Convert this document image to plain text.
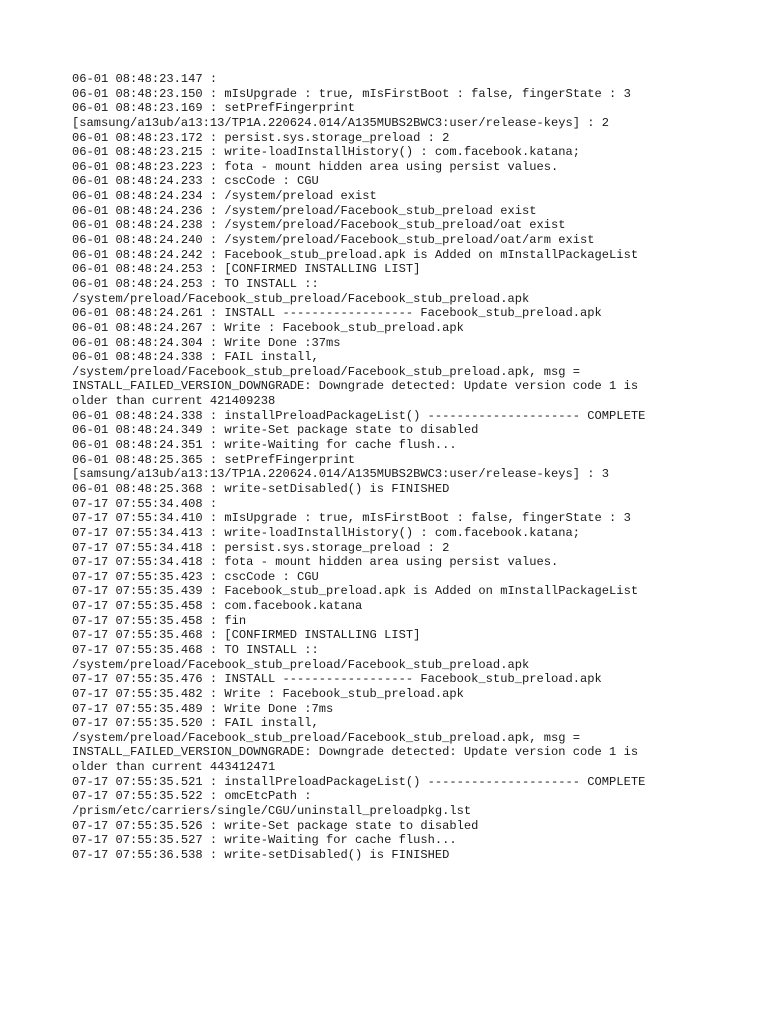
06-01 08:48:23.147 :
06-01 08:48:23.150 : mIsUpgrade : true, mIsFirstBoot : false, fingerState : 3
06-01 08:48:23.169 : setPrefFingerprint
[samsung/a13ub/a13:13/TP1A.220624.014/A135MUBS2BWC3:user/release-keys] : 2
06-01 08:48:23.172 : persist.sys.storage_preload : 2
06-01 08:48:23.215 : write-loadInstallHistory() : com.facebook.katana;
06-01 08:48:23.223 : fota - mount hidden area using persist values.
06-01 08:48:24.233 : cscCode : CGU
06-01 08:48:24.234 : /system/preload exist
06-01 08:48:24.236 : /system/preload/Facebook_stub_preload exist
06-01 08:48:24.238 : /system/preload/Facebook_stub_preload/oat exist
06-01 08:48:24.240 : /system/preload/Facebook_stub_preload/oat/arm exist
06-01 08:48:24.242 : Facebook_stub_preload.apk is Added on mInstallPackageList
06-01 08:48:24.253 : [CONFIRMED INSTALLING LIST]
06-01 08:48:24.253 : TO INSTALL ::
/system/preload/Facebook_stub_preload/Facebook_stub_preload.apk
06-01 08:48:24.261 : INSTALL ------------------ Facebook_stub_preload.apk
06-01 08:48:24.267 : Write : Facebook_stub_preload.apk
06-01 08:48:24.304 : Write Done :37ms
06-01 08:48:24.338 : FAIL install,
/system/preload/Facebook_stub_preload/Facebook_stub_preload.apk, msg =
INSTALL_FAILED_VERSION_DOWNGRADE: Downgrade detected: Update version code 1 is
older than current 421409238
06-01 08:48:24.338 : installPreloadPackageList() --------------------- COMPLETE
06-01 08:48:24.349 : write-Set package state to disabled
06-01 08:48:24.351 : write-Waiting for cache flush...
06-01 08:48:25.365 : setPrefFingerprint
[samsung/a13ub/a13:13/TP1A.220624.014/A135MUBS2BWC3:user/release-keys] : 3
06-01 08:48:25.368 : write-setDisabled() is FINISHED
07-17 07:55:34.408 :
07-17 07:55:34.410 : mIsUpgrade : true, mIsFirstBoot : false, fingerState : 3
07-17 07:55:34.413 : write-loadInstallHistory() : com.facebook.katana;
07-17 07:55:34.418 : persist.sys.storage_preload : 2
07-17 07:55:34.418 : fota - mount hidden area using persist values.
07-17 07:55:35.423 : cscCode : CGU
07-17 07:55:35.439 : Facebook_stub_preload.apk is Added on mInstallPackageList
07-17 07:55:35.458 : com.facebook.katana
07-17 07:55:35.458 : fin
07-17 07:55:35.468 : [CONFIRMED INSTALLING LIST]
07-17 07:55:35.468 : TO INSTALL ::
/system/preload/Facebook_stub_preload/Facebook_stub_preload.apk
07-17 07:55:35.476 : INSTALL ------------------ Facebook_stub_preload.apk
07-17 07:55:35.482 : Write : Facebook_stub_preload.apk
07-17 07:55:35.489 : Write Done :7ms
07-17 07:55:35.520 : FAIL install,
/system/preload/Facebook_stub_preload/Facebook_stub_preload.apk, msg =
INSTALL_FAILED_VERSION_DOWNGRADE: Downgrade detected: Update version code 1 is
older than current 443412471
07-17 07:55:35.521 : installPreloadPackageList() --------------------- COMPLETE
07-17 07:55:35.522 : omcEtcPath :
/prism/etc/carriers/single/CGU/uninstall_preloadpkg.lst
07-17 07:55:35.526 : write-Set package state to disabled
07-17 07:55:35.527 : write-Waiting for cache flush...
07-17 07:55:36.538 : write-setDisabled() is FINISHED
